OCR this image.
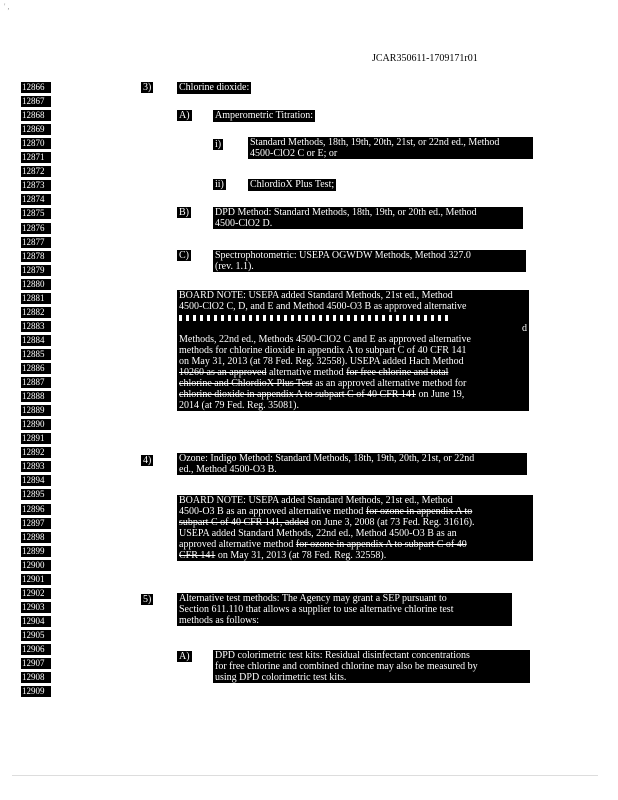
' ,
JCAR350611-1709171r01
12866
12867
12868
12869
12870
12871
12872
12873
12874
12875
12876
12877
12878
12879
12880
12881
12882
12883
12884
12885
12886
12887
12888
12889
12890
12891
12892
12893
12894
12895
12896
12897
12898
12899
12900
12901
12902
12903
12904
12905
12906
12907
12908
12909
3)	Chlorine dioxide:
A)	Amperometric Titration:
i)	Standard Methods, 18th, 19th, 20th, 21st, or 22nd ed., Method
4500-ClO2 C or E; or
ii)	ChlordioX Plus Test;
B)	DPD Method: Standard Methods, 18th, 19th, or 20th ed., Method
4500-ClO2 D.
C)	Spectrophotometric: USEPA OGWDW Methods, Method 327.0
(rev. 1.1).
BOARD NOTE: USEPA added Standard Methods, 21st ed., Method
4500-ClO2 C, D, and E and Method 4500-O3 B as approved alternative
d
Methods, 22nd ed., Methods 4500-ClO2 C and E as approved alternative
methods for chlorine dioxide in appendix A to subpart C of 40 CFR 141
on May 31, 2013 (at 78 Fed. Reg. 32558). USEPA added Hach Method
10260 as an approved alternative method for free chlorine and total
chlorine and ChlordioX Plus Test as an approved alternative method for
chlorine dioxide in appendix A to subpart C of 40 CFR 141 on June 19,
2014 (at 79 Fed. Reg. 35081).
4)	Ozone: Indigo Method: Standard Methods, 18th, 19th, 20th, 21st, or 22nd
ed., Method 4500-O3 B.
BOARD NOTE: USEPA added Standard Methods, 21st ed., Method
4500-O3 B as an approved alternative method for ozone in appendix A to
subpart C of 40 CFR 141, added on June 3, 2008 (at 73 Fed. Reg. 31616).
USEPA added Standard Methods, 22nd ed., Method 4500-O3 B as an
approved alternative method for ozone in appendix A to subpart C of 40
CFR 141 on May 31, 2013 (at 78 Fed. Reg. 32558).
5)	Alternative test methods: The Agency may grant a SEP pursuant to
Section 611.110 that allows a supplier to use alternative chlorine test
methods as follows:
A)	DPD colorimetric test kits: Residual disinfectant concentrations
for free chlorine and combined chlorine may also be measured by
using DPD colorimetric test kits.
